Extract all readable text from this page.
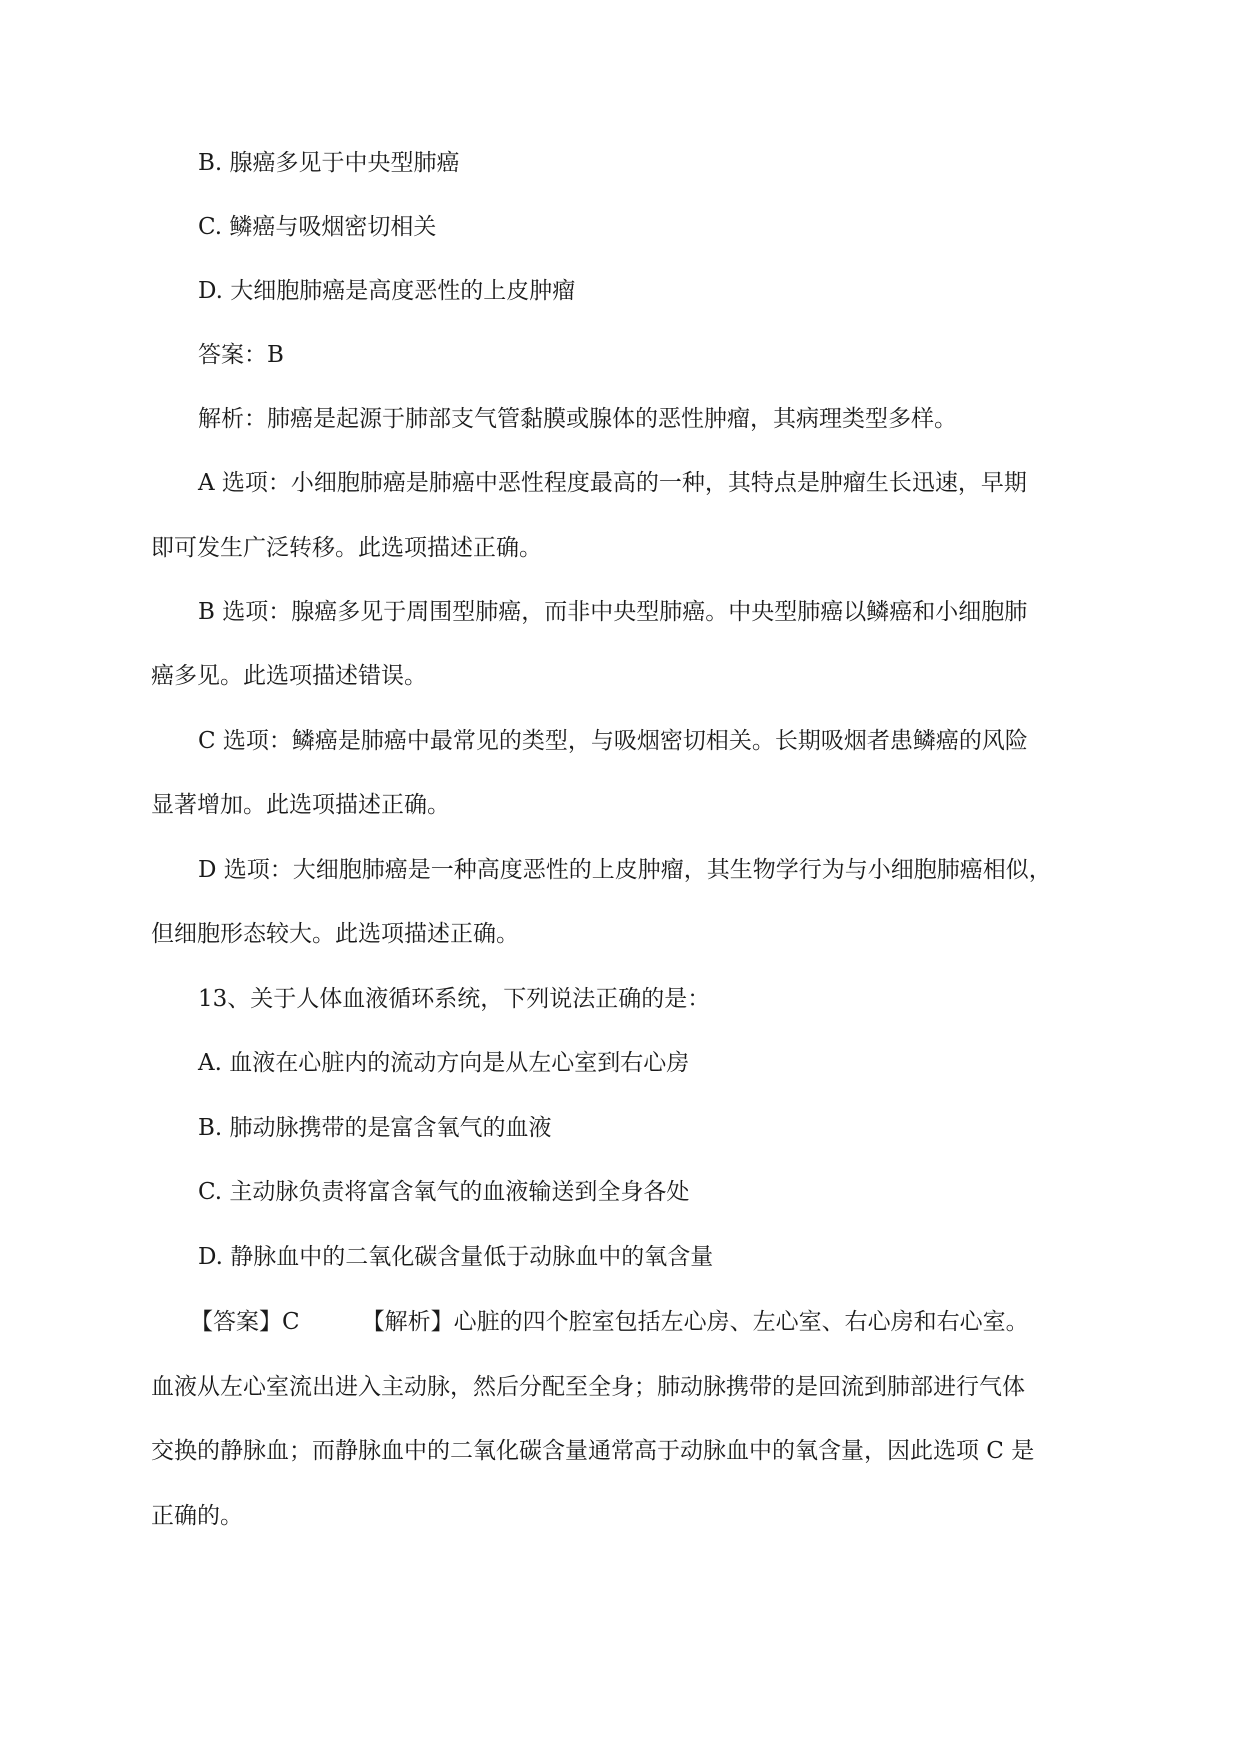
B. 腺癌多见于中央型肺癌
C. 鳞癌与吸烟密切相关
D. 大细胞肺癌是高度恶性的上皮肿瘤
答案：B
解析：肺癌是起源于肺部支气管黏膜或腺体的恶性肿瘤，其病理类型多样。
A 选项：小细胞肺癌是肺癌中恶性程度最高的一种，其特点是肿瘤生长迅速，早期
即可发生广泛转移。此选项描述正确。
B 选项：腺癌多见于周围型肺癌，而非中央型肺癌。中央型肺癌以鳞癌和小细胞肺
癌多见。此选项描述错误。
C 选项：鳞癌是肺癌中最常见的类型，与吸烟密切相关。长期吸烟者患鳞癌的风险
显著增加。此选项描述正确。
D 选项：大细胞肺癌是一种高度恶性的上皮肿瘤，其生物学行为与小细胞肺癌相似，
但细胞形态较大。此选项描述正确。
13、关于人体血液循环系统，下列说法正确的是：
A. 血液在心脏内的流动方向是从左心室到右心房
B. 肺动脉携带的是富含氧气的血液
C. 主动脉负责将富含氧气的血液输送到全身各处
D. 静脉血中的二氧化碳含量低于动脉血中的氧含量
【答案】C	【解析】心脏的四个腔室包括左心房、左心室、右心房和右心室。
血液从左心室流出进入主动脉，然后分配至全身；肺动脉携带的是回流到肺部进行气体
交换的静脉血；而静脉血中的二氧化碳含量通常高于动脉血中的氧含量，因此选项 C 是
正确的。
